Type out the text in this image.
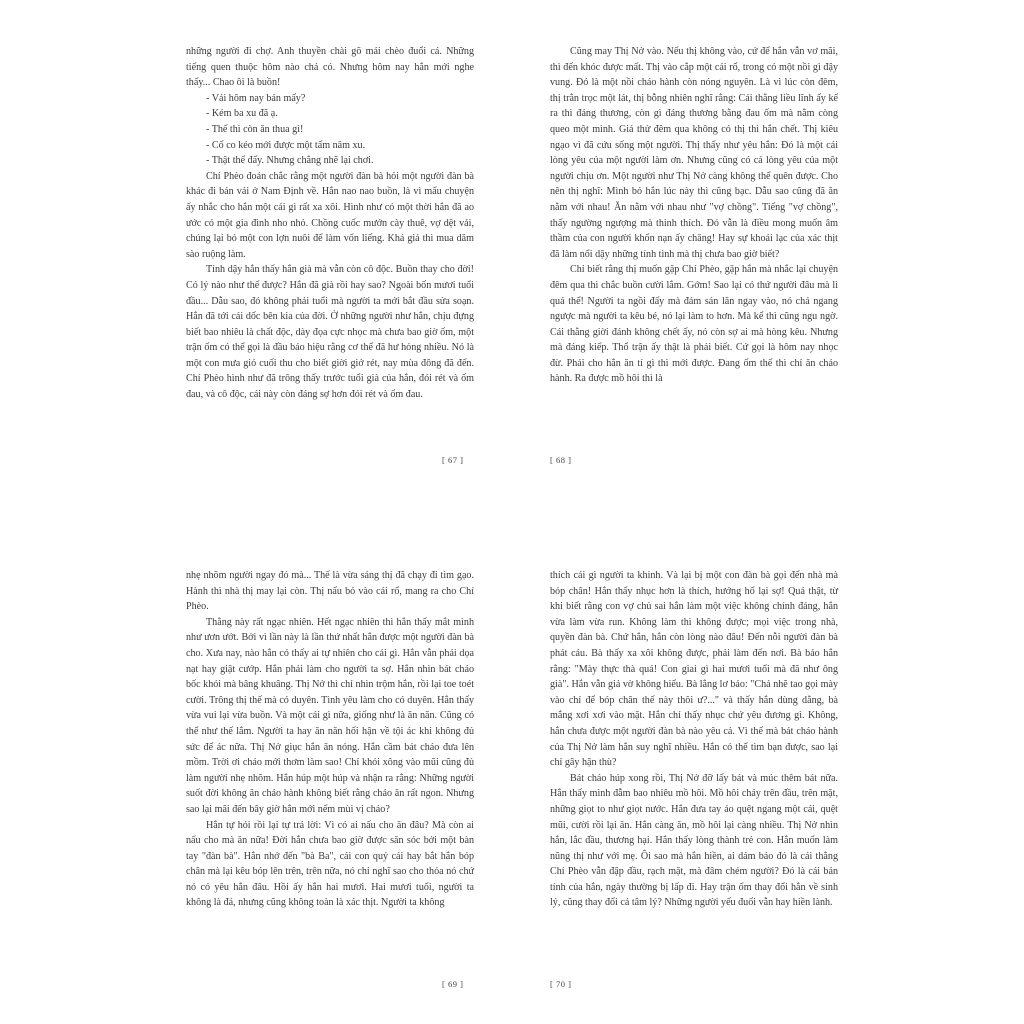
những người đi chợ. Anh thuyền chài gõ mái chèo đuổi cá. Những tiếng quen thuộc hôm nào chả có. Nhưng hôm nay hắn mới nghe thấy... Chao ôi là buồn!

- Vải hôm nay bán mấy?

- Kém ba xu đã ạ.

- Thế thì còn ăn thua gì!

- Cố co kéo mới được một tấm năm xu.

- Thật thế đấy. Nhưng chẳng nhẽ lại chơi.

Chí Phèo đoán chắc rằng một người đàn bà hỏi một người đàn bà khác đi bán vải ở Nam Định về. Hắn nao nao buồn, là vì mẩu chuyện ấy nhắc cho hắn một cái gì rất xa xôi. Hình như có một thời hắn đã ao ước có một gia đình nho nhỏ. Chồng cuốc mướn cày thuê, vợ dệt vải, chúng lại bỏ một con lợn nuôi để làm vốn liếng. Khá giả thì mua dăm sào ruộng làm.

Tỉnh dậy hắn thấy hắn già mà vẫn còn cô độc. Buồn thay cho đời! Có lý nào như thế được? Hắn đã già rồi hay sao? Ngoài bốn mươi tuổi đầu... Dẫu sao, đó không phải tuổi mà người ta mới bắt đầu sửa soạn. Hắn đã tới cái dốc bên kia của đời. Ở những người như hắn, chịu đựng biết bao nhiêu là chất độc, dày đọa cực nhọc mà chưa bao giờ ốm, một trận ốm có thể gọi là đầu báo hiệu rằng cơ thể đã hư hỏng nhiều. Nó là một con mưa gió cuối thu cho biết giời giở rét, nay mùa đông đã đến. Chí Phèo hình như đã trông thấy trước tuổi già của hắn, đói rét và ốm đau, và cô độc, cái này còn đáng sợ hơn đói rét và ốm đau.

[ 67 ]

Cũng may Thị Nở vào. Nếu thị không vào, cứ để hắn vẫn vơ mãi, thì đến khóc được mất. Thị vào cắp một cái rổ, trong có một nồi gì đậy vung. Đó là một nồi cháo hành còn nóng nguyên. Là vì lúc còn đêm, thị trằn trọc một lát, thị bỗng nhiên nghĩ rằng: Cái thằng liều lĩnh ấy kể ra thì đáng thương, còn gì đáng thương bằng đau ốm mà nằm còng queo một mình. Giá thử đêm qua không có thị thì hắn chết. Thị kiêu ngạo vì đã cứu sống một người. Thị thấy như yêu hắn: Đó là một cái lòng yêu của một người làm ơn. Nhưng cũng có cả lòng yêu của một người chịu ơn. Một người như Thị Nở càng không thể quên được. Cho nên thị nghĩ: Mình bỏ hắn lúc này thì cũng bạc. Dẫu sao cũng đã ăn nằm với nhau! Ăn nằm với nhau như "vợ chồng". Tiếng "vợ chồng", thấy ngường ngượng mà thinh thích. Đó vẫn là điều mong muốn âm thầm của con người khốn nạn ấy chăng! Hay sự khoái lạc của xác thịt đã làm nổi dậy những tính tình mà thị chưa bao giờ biết?

Chỉ biết rằng thị muốn gặp Chí Phèo, gặp hắn mà nhắc lại chuyện đêm qua thì chắc buồn cười lắm. Gớm! Sao lại có thứ người đâu mà lì quá thể! Người ta ngồi đấy mà đám sán lăn ngay vào, nó chả ngang ngược mà người ta kêu bé, nó lại làm to hơn. Mà kể thì cũng ngu ngờ. Cái thằng giời đánh không chết ấy, nó còn sợ ai mà hòng kêu. Nhưng mà đáng kiếp. Thổ trận ấy thật là phải biết. Cứ gọi là hôm nay nhọc đừ. Phải cho hắn ăn tí gì thì mới được. Đang ốm thế thì chỉ ăn cháo hành. Ra được mồ hôi thì là

[ 68 ]

nhẹ nhõm người ngay đó mà... Thế là vừa sáng thị đã chạy đi tìm gạo. Hành thì nhà thị may lại còn. Thị nấu bỏ vào cái rổ, mang ra cho Chí Phèo.

Thằng này rất ngạc nhiên. Hết ngạc nhiên thì hắn thấy mắt mình như ươn ướt. Bởi vì lần này là lần thứ nhất hắn được một người đàn bà cho. Xưa nay, nào hắn có thấy ai tự nhiên cho cái gì. Hắn vẫn phải dọa nạt hay giật cướp. Hắn phải làm cho người ta sợ. Hắn nhìn bát cháo bốc khói mà bâng khuâng. Thị Nở thì chỉ nhìn trộm hắn, rồi lại toe toét cười. Trông thị thế mà có duyên. Tình yêu làm cho có duyên. Hắn thấy vừa vui lại vừa buồn. Và một cái gì nữa, giống như là ăn năn. Cũng có thể như thế lắm. Người ta hay ăn năn hối hận về tội ác khi không đủ sức để ác nữa. Thị Nở giục hắn ăn nóng. Hắn cầm bát cháo đưa lên mồm. Trời ơi cháo mới thơm làm sao! Chỉ khói xông vào mũi cũng đủ làm người nhẹ nhõm. Hắn húp một húp và nhận ra rằng: Những người suốt đời không ăn cháo hành không biết rằng cháo ăn rất ngon. Nhưng sao lại mãi đến bây giờ hắn mới nếm mùi vị cháo?

Hắn tự hỏi rồi lại tự trả lời: Vì có ai nấu cho ăn đâu? Mà còn ai nấu cho mà ăn nữa! Đời hắn chưa bao giờ được săn sóc bởi một bàn tay "đàn bà". Hắn nhớ đến "bà Ba", cái con quỷ cái hay bắt hắn bóp chân mà lại kêu bóp lên trên, trên nữa, nó chỉ nghĩ sao cho thỏa nó chứ nó có yêu hắn đâu. Hồi ấy hắn hai mươi. Hai mươi tuổi, người ta không là đá, nhưng cũng không toàn là xác thịt. Người ta không

[ 69 ]

thích cái gì người ta khinh. Và lại bị một con đàn bà gọi đến nhà mà bóp chân! Hắn thấy nhục hơn là thích, hướng hổ lại sợ! Quả thật, từ khi biết rằng con vợ chủ sai hắn làm một việc không chính đáng, hắn vừa làm vừa run. Không làm thì không được; mọi việc trong nhà, quyền đàn bà. Chứ hắn, hắn còn lòng nào đâu! Đến nỗi người đàn bà phát cáu. Bà thấy xa xôi không được, phải làm đến nơi. Bà bảo hắn rằng: "Mày thực thà quá! Con giai gì hai mươi tuổi mà đã như ông già". Hắn vẫn giả vờ không hiểu. Bà lẳng lơ bảo: "Chả nhẽ tao gọi mày vào chỉ để bóp chân thế này thôi ư?..." và thấy hắn dùng dằng, bà mắng xơi xơi vào mặt. Hắn chỉ thấy nhục chứ yêu đương gì. Không, hắn chưa được một người đàn bà nào yêu cả. Vì thế mà bát cháo hành của Thị Nở làm hắn suy nghĩ nhiều. Hắn có thể tìm bạn được, sao lại chỉ gây hận thù?

Bát cháo húp xong rồi, Thị Nở đỡ lấy bát và múc thêm bát nữa. Hắn thấy mình đẫm bao nhiêu mồ hôi. Mồ hôi chảy trên đầu, trên mặt, những giọt to như giọt nước. Hắn đưa tay áo quệt ngang một cái, quệt mũi, cười rồi lại ăn. Hắn càng ăn, mồ hôi lại càng nhiều. Thị Nở nhìn hắn, lắc đầu, thương hại. Hắn thấy lòng thành trẻ con. Hắn muốn làm nũng thị như với mẹ. Ôi sao mà hắn hiền, ai dám bảo đó là cái thằng Chí Phèo vẫn đập đầu, rạch mặt, mà đâm chém người? Đó là cái bản tính của hắn, ngày thường bị lấp đi. Hay trận ốm thay đổi hắn về sinh lý, cũng thay đổi cả tâm lý? Những người yếu đuối vẫn hay hiền lành.

[ 70 ]
